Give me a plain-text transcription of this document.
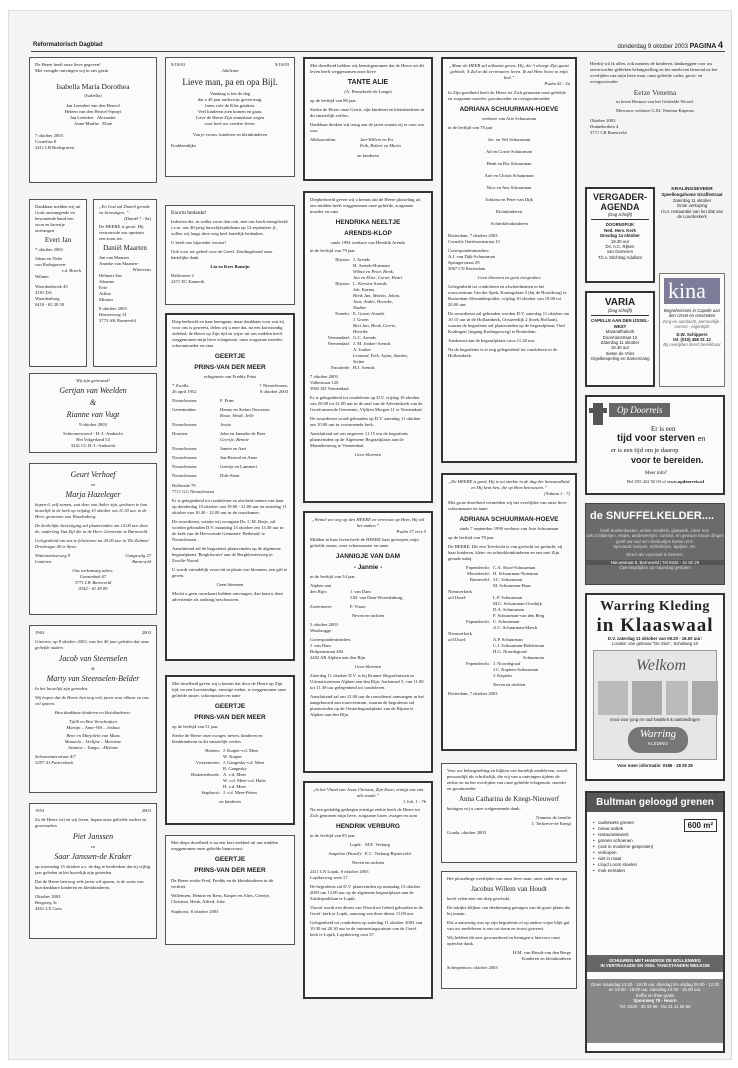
Reformatorisch Dagblad	donderdag 9 oktober 2003 PAGINA 4
De Heere heeft onze lieve gegeven!
Met vreugde ontvingen wij in ons gezin
Isabella Maria Dorothea
(Isabella)
Jan Leendert van den Heuvel
Heleen van den Heuvel-Spruyt
Jan Leendert Alexander
Anne-Marthe Eline
7 oktober 2003
Cornelius 8
2411 LB Bodegraven
Dankbaar melden wij uit Gods ontvangende en bewonende hand een zoon en broertje ontvangen
Evert Jan
7 oktober 2003
Johan en Nelie
van Bodegraven-
v.d. Boech
Wilmer
Woerdenbroek 45
4181 DA
Waardenburg
0418 - 65 28 59
„En God zal Daniël gerade en bevestigen. ”
(Daniël 7 : 8a)
De HEERE is groot. Hij vertrouwde ons opnieuw een zoon toe.
Daniël Maarten
Jan van Maanen
Anneke van Maanen-
Wittevens
Helmert-Jan
Johanna
Evie
Arline
Miriam
8 oktober 2003
Heesterweg 14
3773 AK Barneveld
Wij zijn getrouwd!
Gertjan van Weelden
&
Rianne van Vugt
9 oktober 2003
Schoonrewoerd - H.-I.-Ambacht
Het Volgerland 54
3341 CL H.-I.-Ambacht
Geurt Verhoef
en
Marja Hazeleger

hopen 6, zelf samen, wat deze van Anker zijn, gesloten te hun huwelijk in de kerk op vrijdag 10 oktober om 11.30 uur in de Herv. gemeente van Woudenberg.

De kerkelijke bevestiging zal plaatsvinden om 14.00 uur door ds. ouderling Van Zijl die in de Herv. Gemeente te Barneveld.

Gelegenheid om ons te feliciteren na 20.00 uur in 'De Zalmen' Driebergse 40 te Stroe.

Wittensteinseweg 9	Gangswilg 27
Lunteren	Barneveld
Ons toekomstig adres:
Ganzenhuk 67
3771 LW Barneveld
0342 - 41 49 89
1963	2003

Gisteren, op 8 oktober 2003, was het 40 jaar geleden dat onze geliefde ouders

Jacob van Steenselen
&
Marty van Steenselen-Belder

In het huwelijk zijn getreden.

Wij hopen dat de Heere hen nog vele jaren voor elkaar en ons wil sparen.

Hun dankbare kinderen en kleinkinderen:
Tjalli en Ben Verschuijten
Martijn – Anne-Wil – Joshua
Rene en Marjolein van Maas
Manuela – Verlijne – Martiene
Jasmine – Tangu – Melanie
Schoonmaerstraat 4/7
3297 AJ Puttershoek
1953	2003

Zo de Heere wil en wij leven, hopen onze geliefde ouders en grootouders

Piet Janssen
en
Saar Janssen-de Kraker

op woensdag 15 oktober a.s. de dag te herdenken dat zij vijftig jaar geleden in het huwelijk zijn getreden.

Dat de Heere hen nog vele jaren wil sparen, is de wens van hun dankbare kinderen en kleinkinderen.

Oktober 2003
Bergweg 3c
4461 LX Goes
9/10/63	9/10/03
Jubileum
Lieve man, pa en opa Bijl.
Vandaag is het de dag
dat u 40 jaar onderwijs geven mag.
Jaren vole de Klas getaken.
Veel kinderen zien komen en gaan.
Gave de Heere Zijn onmisbare zegen
voor heel uw verdere leven.
Van je vrouw, kinderen en kleinkinderen
Krabbendijke
Enorm bedankt!

Iedereen die, in welke vorm dan ook, met ons heeft meegeleefd t.v.m. ons 40-jarig huwelijksjubileum op 12 september jl., willen wij langs deze weg heel hartelijk bedanken.

U heeft ons bijzonder verrast!

Ook voor uw gebed voor de Geref. Zendingsbond onze hartelijke dank.

Lia en Kees Bonsijn
Hallesteen 2
2471 EC Kamerik

Diep bedroefd en haar heengaan, maar dankbaar voor wat zij voor ons is geweest, delen wij u mee dat, na een kortstondig ziekbed, de Heere op Zijn tijd en wijze uit ons midden heeft weggenomen mijn lieve echtgenote, onze zorgzame moeder, schoonmoeder en oma

GEERTJE
PRINS-VAN DER MEER
echtgenote van Freddy Prins
* Zwolle,	† Nieuwleusen,
26 april 1952	8 oktober 2003
Nieuwleusen:	F. Prins
Genemuiden:	Henny en Stefan Ouwerzer
Rosie, Heidi, Jelle
Nieuwleusen:	Jessie
Dronten:	John en Janneke de Boer
Geertje, Bennie
Nieuwleusen:	Jannie en Aart
Nieuwleusen:	Jan-Berend en Anne
Nieuwleusen:	Geertje en Lammert
Nieuwleusen:	Dirk-Stein
Bollerade 79
7711 GG Nieuwleusen

Er is gelegenheid tot condoleren en afscheid nemen van haar op donderdag 10 oktober van 19.00 - 21.00 uur en zaterdag 11 oktober van 10.30 - 12.00 uur in de rouwkamer.

De rouwdienst, waarin wij voorgaan Ds. C.M. Buijs, zal worden gehouden D.V. maandag 13 oktober om 13.30 uur in de kerk van de Hervormde Gemeente 'Bethesda' te Nieuwleusen.

Aansluitend zal de begrafenis plaatsvinden op de algemene begraafplaats 'Bergklooster' aan de Bergklostersweg in Zwolle-Noord.

U wordt vriendelijk verzocht in plaats van bloemen, een gift te geven.

Geen bloemen

Mocht u geen rouwkaart hebben ontvangen, dan kunt u deze advertentie als zodanig beschouwen.

Met droefheid geven wij u kennis dat door de Heere op Zijn tijd, na een kortstondige, ernstige ziekte, is weggenomen onze geliefde zuster, schoonzuster en tante

GEERTJE
PRINS-VAN DER MEER
op de leeftijd van 51 jaar.

Sterke de Heere onze zwager, neven, kinderen en kleinkinderen in dit smartelijk verlies.

Hattem: J. Kuiper-v.d. Meer
W. Kuiper
Vriezenveen: J. Gangesky-v.d. Meer
B. Gangesky
Hattemerbroek: A. v.d. Meer
W. v.d. Meer-v.d. Hulst
H. v.d. Meer
Staphorst: J. v.d. Meer-Peters
en kinderen

Met diepe droefheid is na een kort ziekbed uit ons midden weggenomen onze geliefde buurvrouw

GEERTJE
PRINS-VAN DER MEER

De Heere sterke Fred, Freddy en de kleinkinderen in dit verdriet.

Willemien, Hennie en Rens, Kasper en Alies, Geertje, Christina, Henk, Alfred, Joke

Staphorst, 8 oktober 2003

Met droefheid hebben wij kennisgenomen dat de Heere uit dit leven heeft weggenomen onze lieve

TANTE ALIE
(A. Pennekoek-de Lange)
op de leeftijd van 86 jaar.

Sterke de Heere onze Gerrit, zijn kinderen en kleinkinderen in dit smartelijk verlies.

Dankbaar denken wij terug aan de jaren waarin zij er voor ons was.

Alblasserdam:	Jan-Willem en Eri
Erik, Robert en Maria
en kinderen

Diepbedroefd geven wij u kennis dat de Heere plotseling uit ons midden heeft weggenomen onze geliefde, zorgzame moeder en oma

HENDRIKA NEELTJE
ARENDS-KLOP
sinds 1994 weduwe van Hendrik Arends
in de leeftijd van 79 jaar.
Rijssen: J. Arends
H. Arends-Huisman
Wilma en Peter, Henk,
Jan en Elise, Corné, Henri
Rijssen: L. Kerwin-Arends
Joh. Karma
Henk Jan, Martin, Johan,
Jans, Andre, Henrike,
Nadine
Ermelo: E. Groen-Arends
J. Groen
Bert Jan, Henk, Gerrie,
Henrike
Veenendaal: G.C. Arends
Veenendaal: J. M. Jonker-Arends
A. Jonker
Leonard, Erik, Arjan, Sandra,
Stefan
Enschede: H.J. Arends
7 oktober 2003
Valkestraat 120
3902 ZD Veenendaal

Er is gelegenheid tot condoleren op D.V. vrijdag 10 oktober van 20.00 tot 21.00 uur in de zaal van de Adventskerk van de Gereformeerde Gemeente, Vijftien Morgen 11 te Veenendaal.

De rouwdienst wordt gehouden op D.V. zaterdag 11 oktober om 10.00 uur in voornoemde kerk.

Aansluitend zal om ongeveer 11.15 uur de begrafenis plaatsvinden op de Algemene Begraafplaats aan de Munnikenweg te Veenendaal.

Geen bloemen
„Wentel uw weg op den HEERE en vertrouw op Hem, Hij zal het maken.”
Psalm 37 vers 5

Midden in haar leven heeft de HEERE haar geroepen, mijn geliefde zuster, onze schoonzuster en tante.

JANNIGJE VAN DAM
- Jannie -
in de leeftijd van 54 jaar.
Alphen aan
den Rijn:	J. van Dam
J.M. van Dam-Woerdenburg
Zoetermeer:	P. Visser
Neven en nichten
5 oktober 2003
Woubrugge
Correspondentieadres:
J. van Dam
Brilpainstraat 484
2402 AR Alphen aan den Rijn
Geen bloemen

Zaterdag 11 oktober D.V. is bij Kramer Begrafenissen in Uitvaartcentrum Alphen aan den Rijn, Aarkanaal 5, van 11.00 tot 11.30 uur gelegenheid tot condoleren.

Aansluitend zal om 12.00 uur de rouwdienst aanvangen in het aangebouwd aan rouwcentrum, waarna de begrafenis zal plaatsvinden op de Oosterbegraafplaats van de Rijnen te Alphen aan den Rijn.

„In het Vlaad van Jezus Christus, Zijn Zoon, reinigt ons van alle zonde.”
1 Joh. 1 : 7b

Na een geduldig gedragen ernstige ziekte heeft de Heere tot Zich genomen mijn lieve, zorgzame broer, zwager en oom

HENDRIK VERBURG
in de leeftijd van 85 jaar.
Lopik: M.E. Verburg
Ampeloo (Brazil): E.C. Verburg-Bijsterveld
Neven en nichten
2411 LN Lopik, 8 oktober 2003
Lopikerweg west 17

De begrafenis zal D.V. plaatsvinden op maandag 13 oktober 2003 om 13.00 uur op de algemene begraafplaats aan de Zuiderparklaan te Lopik.

Vooraf wordt een dienst van Woord en Gebed gehouden in de Geref. kerk te Lopik, aanvang van deze dienst 11.00 uur.

Gelegenheid tot condoleren op zaterdag 11 oktober 2003 van 19.30 tot 20.30 uur in de ontmoetingsruimte van de Geref. kerk te Lopik, Lopikerweg oost 37.

„Maar de HEER zal uitkomst geven, Hij, die 't alwege Zijn gunst gebiedt; 'k Zal in dit vertrouwen leven. Ik zal Hem loven in mijn lied.”
Psalm 42 : 5a

In Zijn goedheid heeft de Heere tot Zich genomen onze geliefde en zorgzame moeder, grootmoeder en overgrootmoeder

ADRIANA SCHUURMAN-HOEVE
weduwe van Arie Schuurman
in de leeftijd van 78 jaar
Jac. en Nel Schuurman
Ad en Corrie Schuurman
Henk en Ria Schuurman
Arie en Christi Schuurman
Nico en Ans Schuurman
Adriana en Peter van Dijk
Kleinkinderen
Achterkleinkinderen
Rotterdam, 7 oktober 2003
Cornelis Outshoornstraat 15
Correspondentieadres:
A.J. van Dijk-Schuurman
Springerstraat 29
3067 CN Rotterdam
Geen bloemen en geen toespraken

Gelegenheid tot condoleren en afscheidnemen in het rouwcentrum Van der Spek, Koningslaan 5 (bij de Hoofdweg) te Rotterdam-Alexanderpolder, vrijdag 10 oktober van 19.00 tot 20.00 uur.

De rouwdienst zal gehouden worden D.V. zaterdag 11 oktober om 10.15 uur in de Hoflaankerk, Oostzeedijk 2 (hoek Hoflaan), waarna de begrafenis zal plaatsvinden op de begraafplaats 'Oud Kralingen' (ingang Kralingseweg) te Rotterdam.

Aankomst aan de begraafplaats circa 11.20 uur.

Na de begrafenis is er nog gelegenheid tot condoleren in de Hoflaankerk.

„De HEERE is goed, Hij is tot sterkte in de dag der benauwdheid en Hij kent hen, die op Hem betrouwen.”
(Nahum 1 : 7)

Met grote droefheid vermelden wij het overlijden van onze lieve schoonzuster en tante

ADRIANA SCHUURMAN-HOEVE
sinds 7 september 1990 weduwe van Arie Schuurman
op de leeftijd van 78 jaar.

De HEERE, Die een Toevlucht is van geslacht tot geslacht, zij haar kinderen, klein- en achterkleinkinderen en ons met Zijn genade nabij.

Papendrecht: C.A. Sloof-Schuurman
Moordrecht: H. Schuurman-Noteman
Barneveld: J.C. Schuurman
M. Schuurman-Baas
Nieuwerkerk
a/d IJssel:	L.P. Schuurman
M.C. Schuurman-Oosthijk
D.A. Schuurman
F. Schuurman-van den Berg
Papendrecht: C. Schuurman
A.C. Schuurman-Marsh
Nieuwerkerk
a/d IJssel:	A.P. Schuurman
C.J. Schuurman-Bohlerman
H.G. Noordegraaf-
Schuurman
Papendrecht: J. Noordegraaf
J.C. Kaptein-Schuurman
J. Kaptein
Neven en nichten
Rotterdam, 7 oktober 2003

Voor uw belangstelling en blijken van hartelijk medeleven, zowel persoonlijk als schriftelijk, die wij van u ontvingen tijdens de ziekte en na het overlijden van onze geliefde echtgenote, moeder en grootmoeder

Anna Catharina de Knegt-Nieuwerf

betuigen wij u onze welgemeende dank.

Namens de familie
J. Terhoeve-de Knegt
Gouda, oktober 2003

Het plotselinge overlijden van onze lieve man, onze vader en opa

Jacobus Willem van Houdt

heeft velen met ons diep geschokt.

De talrijke blijken van deelneming getuigen van de grote plaats die hij innam.

Dat u aanwezig was op zijn begrafenis of op andere wijze blijk gaf van uw medeleven is ons tot steun en troost geweest.

Wij hebben dit zeer gewaardeerd en betuigen u hiervoor onze oprechte dank.

H.M. van Houdt-van den Berge
Kinderen en kleinkinderen
Scherpenisse, oktober 2003

Hierbij wil ik allen, ook namens de kinderen, dankzeggen voor uw onverwachte gebleken belangstelling en het meeleven betoond na het overlijden van mijn lieve man, onze geliefde vader, groot- en overgrootvader

Eetze Venema
in leven Bestuur van het Gedeelde Woord.
Mevrouw weduwe G.M. Venema-Kuperus
Oktober 2003
Dunnekerken 4
3771 CR Barneveld
VERGADER-
AGENDA
(Dag schrijft)
DOORNSPIJK
Ned. Herv. Kerk
Dinsdag 14 oktober
19.30 uur
Ds. A.C. Rijken
van Gameren
T.b.v. Stichting Adullam
KRALINGSEVEER
Speellongahome Giraffestraat
Zaterdag 11 oktober
Grote verkoping
t.b.v. restauratie van het dak van de Lourdeskerk
VARIA
(Dag schrijft)
CAPELLE AAN DEN IJSSEL-WEST
Maranathakerk
Doormanstraat 12
Zaterdag 11 oktober
19.30 uur
Sietse de Vries
Orgelbespeling en Samenzang
kina
Begrafenissen in Capelle aan den IJssel en omstreken
Zorg en aandacht, persoonlijk - correct - eigentijds
D.W. Schippers
tel. (010) 458 31 12
Bij overlijden direct bereikbaar
Op Doorreis
Er is een
tijd voor sterven en
er is een tijd om je daarop
voor te bereiden.
Meer info?
Bel 055 422 92 03 of www.opdoorreis.nl
de SNUFFELKELDER....
heeft boekenkasten, antiek meubels, glaswerk, zilver enz.
ook schilderijen, etsjes, aardewerkjes, curiosa, en gewoon mooie dingen
geeft uw oud sen vierbootjes kasten enz.
Speciaalt: lampen, schilderijen, tapijten, etc.
Direct als voorraad te kennen.
Nieuwstraat 8, Barneveld | Tel 0342 - 41 82 29
Openingstijden op maandag gesloten
Warring Kleding
in Klaaswaal
D.V. zaterdag 11 oktober van 09.30 - 16.00 uur:
Locatie: van gebouw "De Sion", Schulweg 10
Welkom
mooi voor jong en oud kwaliteit & aanbiedingen
Warring
KLEDING
Voor meer informatie: 0186 - 28 28 28
Bultman geloogd grenen
600 m²
• ouderwets grenen
• nieuw antiek
• restauratiewerk
• grenen schoenen
• (ook in moderne gesproten)
• verkopen
• niet in maat
• Lloyd Loom stoelen
• mok eentalen
SCHUUREN MET HANDIGE DE BOLLENWEG
IN VERTRAAGDE EN VEEL TANKSTANDEN WELKOM
Open maandag 13.00 - 18.00 uur, dinsdag t/m vrijdag 09.00 - 12.00 en 13.00 - 18.00 uur, zaterdag 10.00 - 16.00 uur.
Koffie en thee gratis
Spoorweg 78 - Hoorn
Tel. 0229 - 40 33 98 - fax 21 11 65 55
